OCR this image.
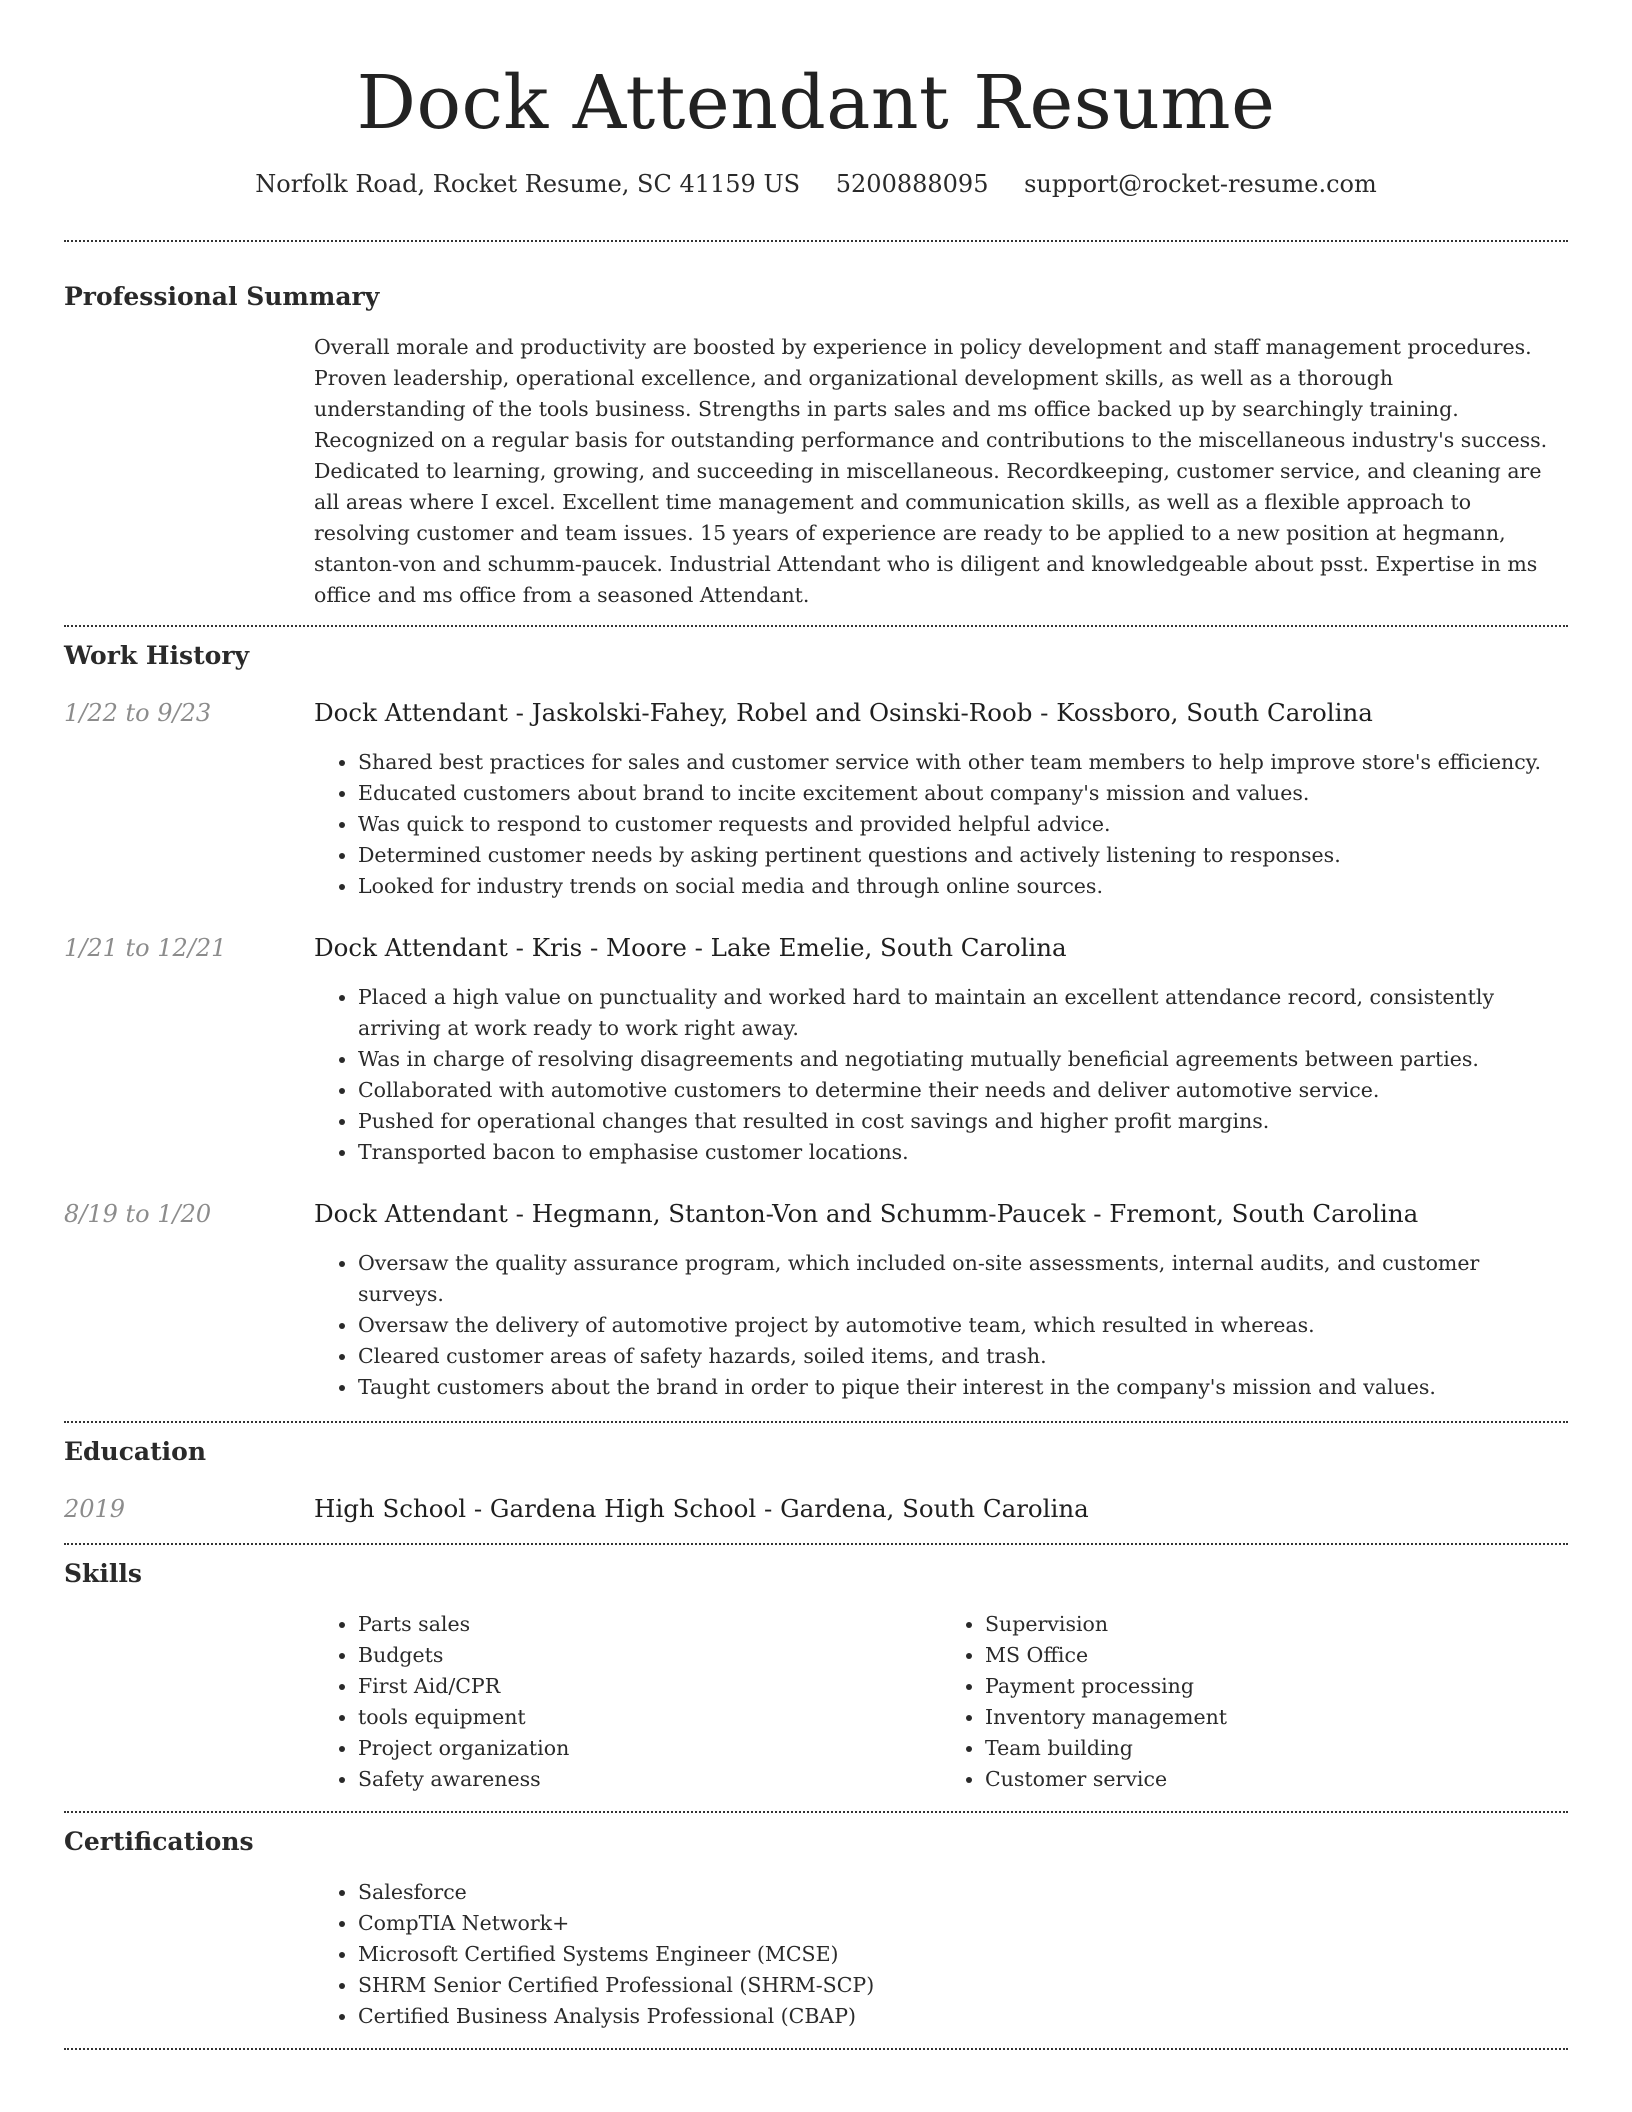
Dock Attendant Resume
Norfolk Road, Rocket Resume, SC 41159 US 5200888095 support@rocket-resume.com
Professional Summary

Overall morale and productivity are boosted by experience in policy development and staff management procedures. Proven leadership, operational excellence, and organizational development skills, as well as a thorough understanding of the tools business. Strengths in parts sales and ms office backed up by searchingly training. Recognized on a regular basis for outstanding performance and contributions to the miscellaneous industry's success. Dedicated to learning, growing, and succeeding in miscellaneous. Recordkeeping, customer service, and cleaning are all areas where I excel. Excellent time management and communication skills, as well as a flexible approach to resolving customer and team issues. 15 years of experience are ready to be applied to a new position at hegmann, stanton-von and schumm-paucek. Industrial Attendant who is diligent and knowledgeable about psst. Expertise in ms office and ms office from a seasoned Attendant.

Work History
1/22 to 9/23	Dock Attendant - Jaskolski-Fahey, Robel and Osinski-Roob - Kossboro, South Carolina
• Shared best practices for sales and customer service with other team members to help improve store's efficiency.
• Educated customers about brand to incite excitement about company's mission and values.
• Was quick to respond to customer requests and provided helpful advice.
• Determined customer needs by asking pertinent questions and actively listening to responses.
• Looked for industry trends on social media and through online sources.
1/21 to 12/21	Dock Attendant - Kris - Moore - Lake Emelie, South Carolina
• Placed a high value on punctuality and worked hard to maintain an excellent attendance record, consistently arriving at work ready to work right away.
• Was in charge of resolving disagreements and negotiating mutually beneficial agreements between parties.
• Collaborated with automotive customers to determine their needs and deliver automotive service.
• Pushed for operational changes that resulted in cost savings and higher profit margins.
• Transported bacon to emphasise customer locations.
8/19 to 1/20	Dock Attendant - Hegmann, Stanton-Von and Schumm-Paucek - Fremont, South Carolina
• Oversaw the quality assurance program, which included on-site assessments, internal audits, and customer surveys.
• Oversaw the delivery of automotive project by automotive team, which resulted in whereas.
• Cleared customer areas of safety hazards, soiled items, and trash.
• Taught customers about the brand in order to pique their interest in the company's mission and values.
Education
2019	High School - Gardena High School - Gardena, South Carolina
Skills
• Parts sales
• Budgets
• First Aid/CPR
• tools equipment
• Project organization
• Safety awareness
• Supervision
• MS Office
• Payment processing
• Inventory management
• Team building
• Customer service
Certifications
• Salesforce
• CompTIA Network+
• Microsoft Certified Systems Engineer (MCSE)
• SHRM Senior Certified Professional (SHRM-SCP)
• Certified Business Analysis Professional (CBAP)
